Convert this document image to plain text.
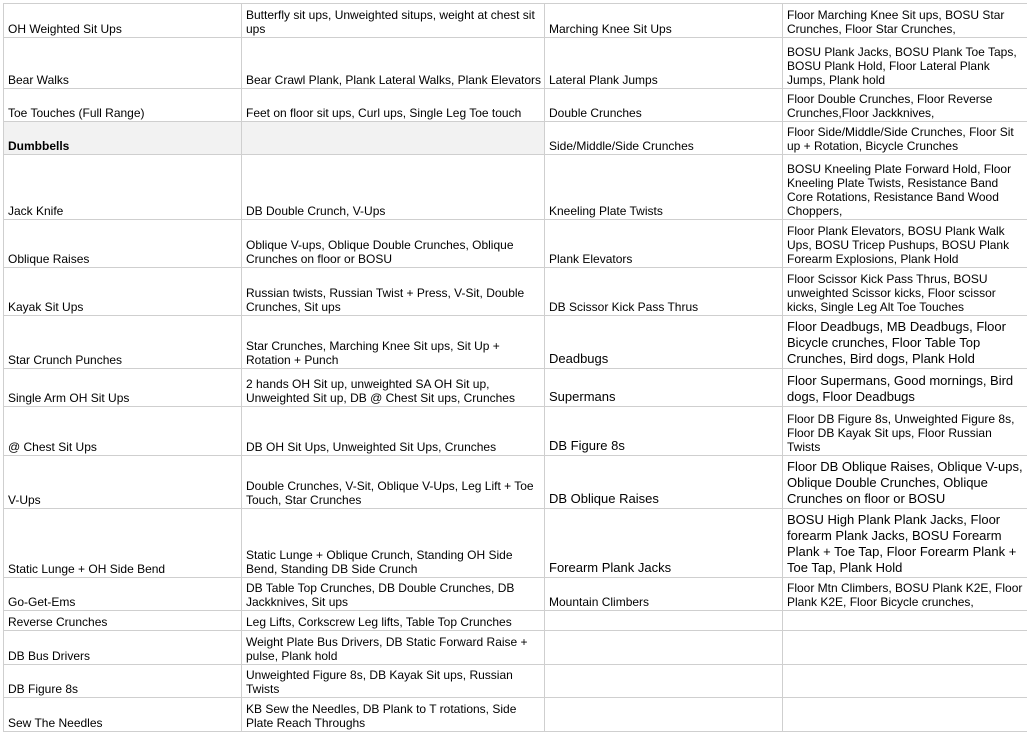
OH Weighted Sit Ups	Butterfly sit ups, Unweighted situps, weight at chest sit ups	Marching Knee Sit Ups	Floor Marching Knee Sit ups, BOSU Star Crunches, Floor Star Crunches,
Bear Walks	Bear Crawl Plank, Plank Lateral Walks, Plank Elevators	Lateral Plank Jumps	BOSU Plank Jacks, BOSU Plank Toe Taps, BOSU Plank Hold, Floor Lateral Plank Jumps, Plank hold
Toe Touches (Full Range)	Feet on floor sit ups, Curl ups, Single Leg Toe touch	Double Crunches	Floor Double Crunches, Floor Reverse Crunches,Floor Jackknives,
Dumbbells		Side/Middle/Side Crunches	Floor Side/Middle/Side Crunches, Floor Sit up + Rotation, Bicycle Crunches
Jack Knife	DB Double Crunch, V-Ups	Kneeling Plate Twists	BOSU Kneeling Plate Forward Hold, Floor Kneeling Plate Twists, Resistance Band Core Rotations, Resistance Band Wood Choppers,
Oblique Raises	Oblique V-ups, Oblique Double Crunches, Oblique Crunches on floor or BOSU	Plank Elevators	Floor Plank Elevators, BOSU Plank Walk Ups, BOSU Tricep Pushups, BOSU Plank Forearm Explosions, Plank Hold
Kayak Sit Ups	Russian twists, Russian Twist + Press, V-Sit, Double Crunches, Sit ups	DB Scissor Kick Pass Thrus	Floor Scissor Kick Pass Thrus, BOSU unweighted Scissor kicks, Floor scissor kicks, Single Leg Alt Toe Touches
Star Crunch Punches	Star Crunches, Marching Knee Sit ups, Sit Up + Rotation + Punch	Deadbugs	Floor Deadbugs, MB Deadbugs, Floor Bicycle crunches, Floor Table Top Crunches, Bird dogs, Plank Hold
Single Arm OH Sit Ups	2 hands OH Sit up, unweighted SA OH Sit up, Unweighted Sit up, DB @ Chest Sit ups, Crunches	Supermans	Floor Supermans, Good mornings, Bird dogs, Floor Deadbugs
@ Chest Sit Ups	DB OH Sit Ups, Unweighted Sit Ups, Crunches	DB Figure 8s	Floor DB Figure 8s, Unweighted Figure 8s, Floor DB Kayak Sit ups, Floor Russian Twists
V-Ups	Double Crunches, V-Sit, Oblique V-Ups, Leg Lift + Toe Touch, Star Crunches	DB Oblique Raises	Floor DB Oblique Raises, Oblique V-ups, Oblique Double Crunches, Oblique Crunches on floor or BOSU
Static Lunge + OH Side Bend	Static Lunge + Oblique Crunch, Standing OH Side Bend, Standing DB Side Crunch	Forearm Plank Jacks	BOSU High Plank Plank Jacks, Floor forearm Plank Jacks, BOSU Forearm Plank + Toe Tap, Floor Forearm Plank + Toe Tap, Plank Hold
Go-Get-Ems	DB Table Top Crunches, DB Double Crunches, DB Jackknives, Sit ups	Mountain Climbers	Floor Mtn Climbers, BOSU Plank K2E, Floor Plank K2E, Floor Bicycle crunches,
Reverse Crunches	Leg Lifts, Corkscrew Leg lifts, Table Top Crunches		
DB Bus Drivers	Weight Plate Bus Drivers, DB Static Forward Raise + pulse, Plank hold		
DB Figure 8s	Unweighted Figure 8s, DB Kayak Sit ups, Russian Twists		
Sew The Needles	KB Sew the Needles, DB Plank to T rotations, Side Plate Reach Throughs		
